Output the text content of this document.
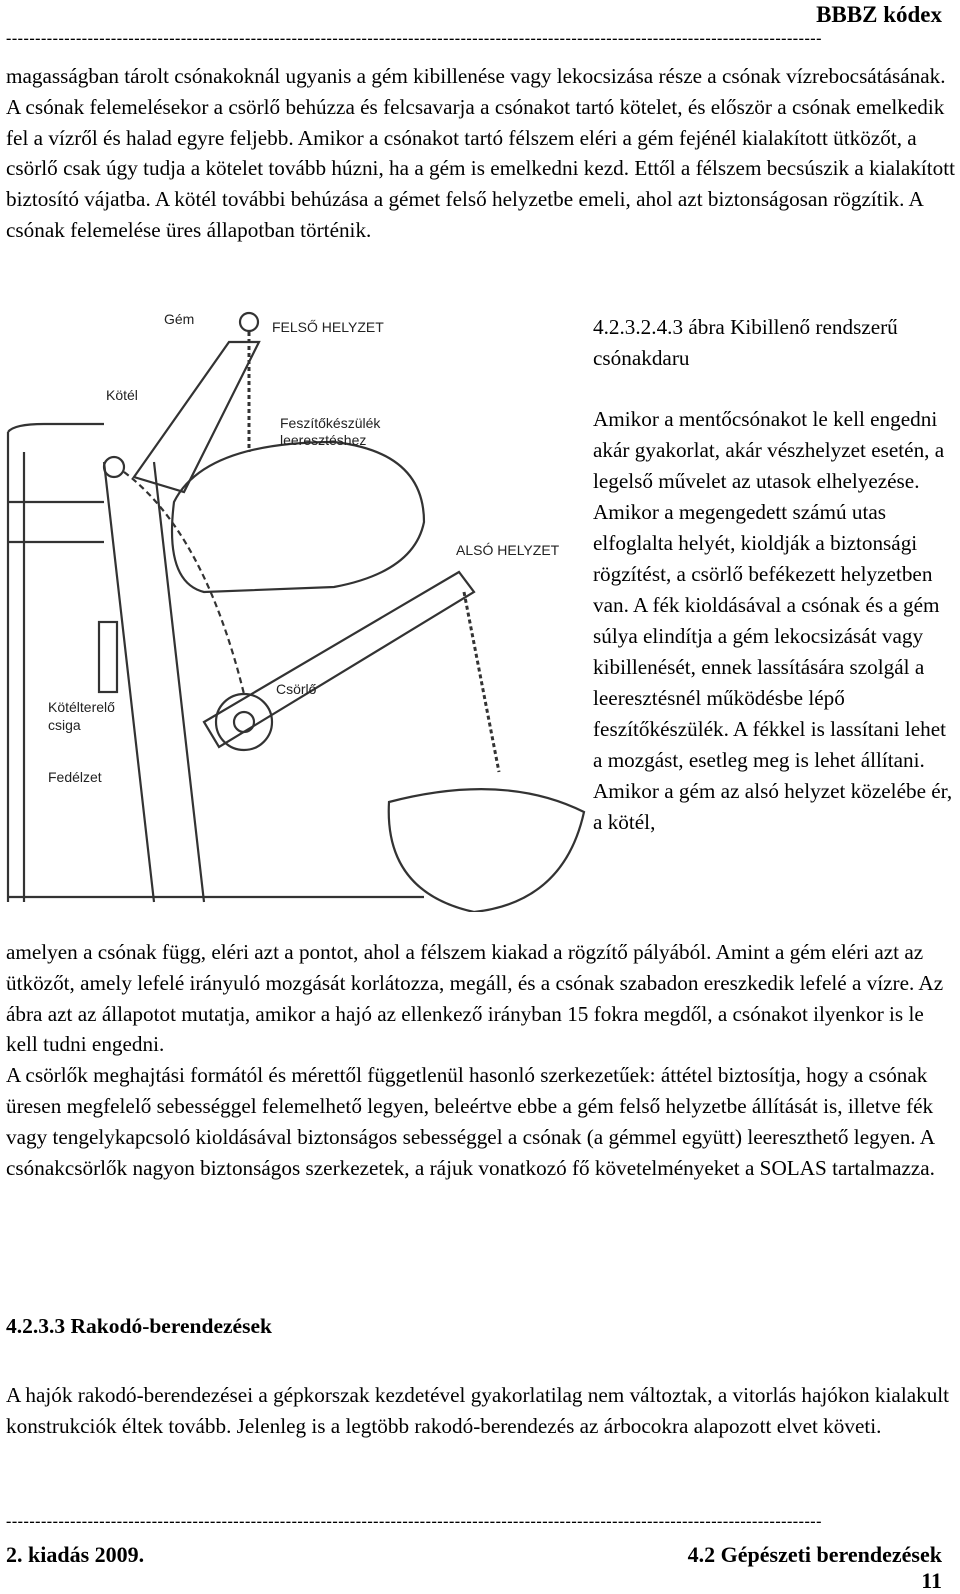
BBBZ kódex
--------------------------------------------------------------------------------------------------------------------------------------------
magasságban tárolt csónakoknál ugyanis a gém kibillenése vagy lekocsizása része a csónak vízrebocsátásának. A csónak felemelésekor a csörlő behúzza és felcsavarja a csónakot tartó kötelet, és először a csónak emelkedik fel a vízről és halad egyre feljebb. Amikor a csónakot tartó félszem eléri a gém fejénél kialakított ütközőt, a csörlő csak úgy tudja a kötelet tovább húzni, ha a gém is emelkedni kezd. Ettől a félszem becsúszik a kialakított biztosító vájatba. A kötél további behúzása a gémet felső helyzetbe emeli, ahol azt biztonságosan rögzítik. A csónak felemelése üres állapotban történik.
Gém	FELSŐ HELYZET
Kötél
Feszítőkészülék
leeresztéshez
ALSÓ HELYZET
Csörlő
Kötélterelő
csiga
Fedélzet
4.2.3.2.4.3 ábra Kibillenő rendszerű csónakdaru
Amikor a mentőcsónakot le kell engedni akár gyakorlat, akár vészhelyzet esetén, a legelső művelet az utasok elhelyezése. Amikor a megengedett számú utas elfoglalta helyét, kioldják a biztonsági rögzítést, a csörlő befékezett helyzetben van. A fék kioldásával a csónak és a gém súlya elindítja a gém lekocsizását vagy kibillenését, ennek lassítására szolgál a leeresztésnél működésbe lépő feszítőkészülék. A fékkel is lassítani lehet a mozgást, esetleg meg is lehet állítani. Amikor a gém az alsó helyzet közelébe ér, a kötél,
amelyen a csónak függ, eléri azt a pontot, ahol a félszem kiakad a rögzítő pályából. Amint a gém eléri azt az ütközőt, amely lefelé irányuló mozgását korlátozza, megáll, és a csónak szabadon ereszkedik lefelé a vízre. Az ábra azt az állapotot mutatja, amikor a hajó az ellenkező irányban 15 fokra megdől, a csónakot ilyenkor is le kell tudni engedni.
A csörlők meghajtási formától és mérettől függetlenül hasonló szerkezetűek: áttétel biztosítja, hogy a csónak üresen megfelelő sebességgel felemelhető legyen, beleértve ebbe a gém felső helyzetbe állítását is, illetve fék vagy tengelykapcsoló kioldásával biztonságos sebességgel a csónak (a gémmel együtt) leereszthető legyen. A csónakcsörlők nagyon biztonságos szerkezetek, a rájuk vonatkozó fő követelményeket a SOLAS tartalmazza.
4.2.3.3 Rakodó-berendezések
A hajók rakodó-berendezései a gépkorszak kezdetével gyakorlatilag nem változtak, a vitorlás hajókon kialakult konstrukciók éltek tovább. Jelenleg is a legtöbb rakodó-berendezés az árbocokra alapozott elvet követi.
--------------------------------------------------------------------------------------------------------------------------------------------
2. kiadás 2009.	4.2 Gépészeti berendezések
11
